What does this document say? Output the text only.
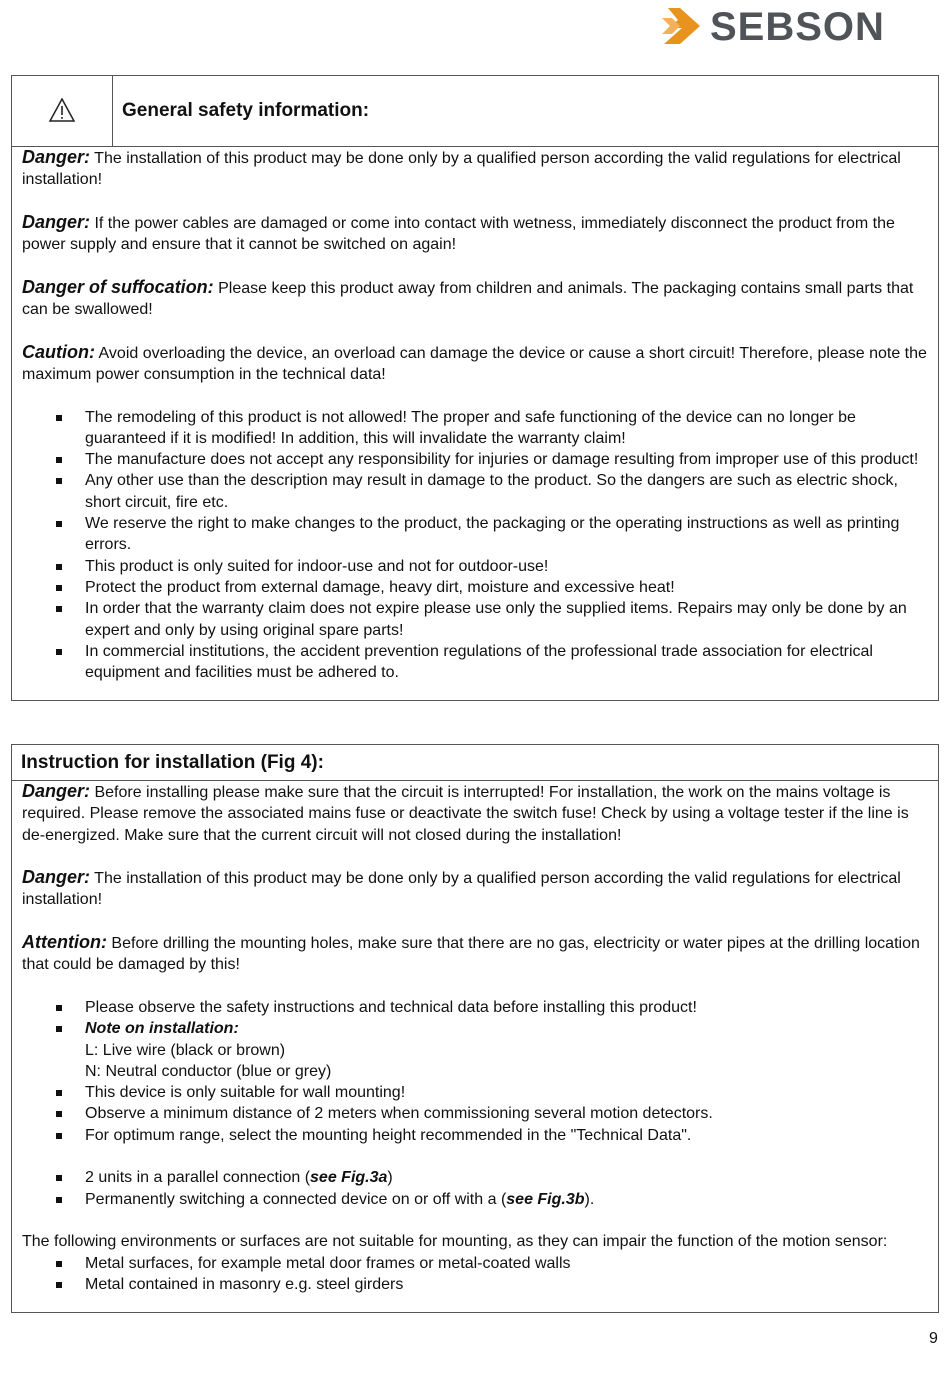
SEBSON
General safety information:

Danger: The installation of this product may be done only by a qualified person according the valid regulations for electrical installation!

Danger: If the power cables are damaged or come into contact with wetness, immediately disconnect the product from the power supply and ensure that it cannot be switched on again!

Danger of suffocation: Please keep this product away from children and animals. The packaging contains small parts that can be swallowed!

Caution: Avoid overloading the device, an overload can damage the device or cause a short circuit! Therefore, please note the maximum power consumption in the technical data!

The remodeling of this product is not allowed! The proper and safe functioning of the device can no longer be guaranteed if it is modified! In addition, this will invalidate the warranty claim!
The manufacture does not accept any responsibility for injuries or damage resulting from improper use of this product!
Any other use than the description may result in damage to the product. So the dangers are such as electric shock, short circuit, fire etc.
We reserve the right to make changes to the product, the packaging or the operating instructions as well as printing errors.
This product is only suited for indoor-use and not for outdoor-use!
Protect the product from external damage, heavy dirt, moisture and excessive heat!
In order that the warranty claim does not expire please use only the supplied items. Repairs may only be done by an expert and only by using original spare parts!
In commercial institutions, the accident prevention regulations of the professional trade association for electrical equipment and facilities must be adhered to.
Instruction for installation (Fig 4):

Danger: Before installing please make sure that the circuit is interrupted! For installation, the work on the mains voltage is required. Please remove the associated mains fuse or deactivate the switch fuse! Check by using a voltage tester if the line is de-energized. Make sure that the current circuit will not closed during the installation!

Danger: The installation of this product may be done only by a qualified person according the valid regulations for electrical installation!

Attention: Before drilling the mounting holes, make sure that there are no gas, electricity or water pipes at the drilling location that could be damaged by this!

Please observe the safety instructions and technical data before installing this product!
Note on installation:
L: Live wire (black or brown)
N: Neutral conductor (blue or grey)
This device is only suitable for wall mounting!
Observe a minimum distance of 2 meters when commissioning several motion detectors.
For optimum range, select the mounting height recommended in the "Technical Data".
2 units in a parallel connection (see Fig.3a)
Permanently switching a connected device on or off with a (see Fig.3b).

The following environments or surfaces are not suitable for mounting, as they can impair the function of the motion sensor:

Metal surfaces, for example metal door frames or metal-coated walls
Metal contained in masonry e.g. steel girders
9
